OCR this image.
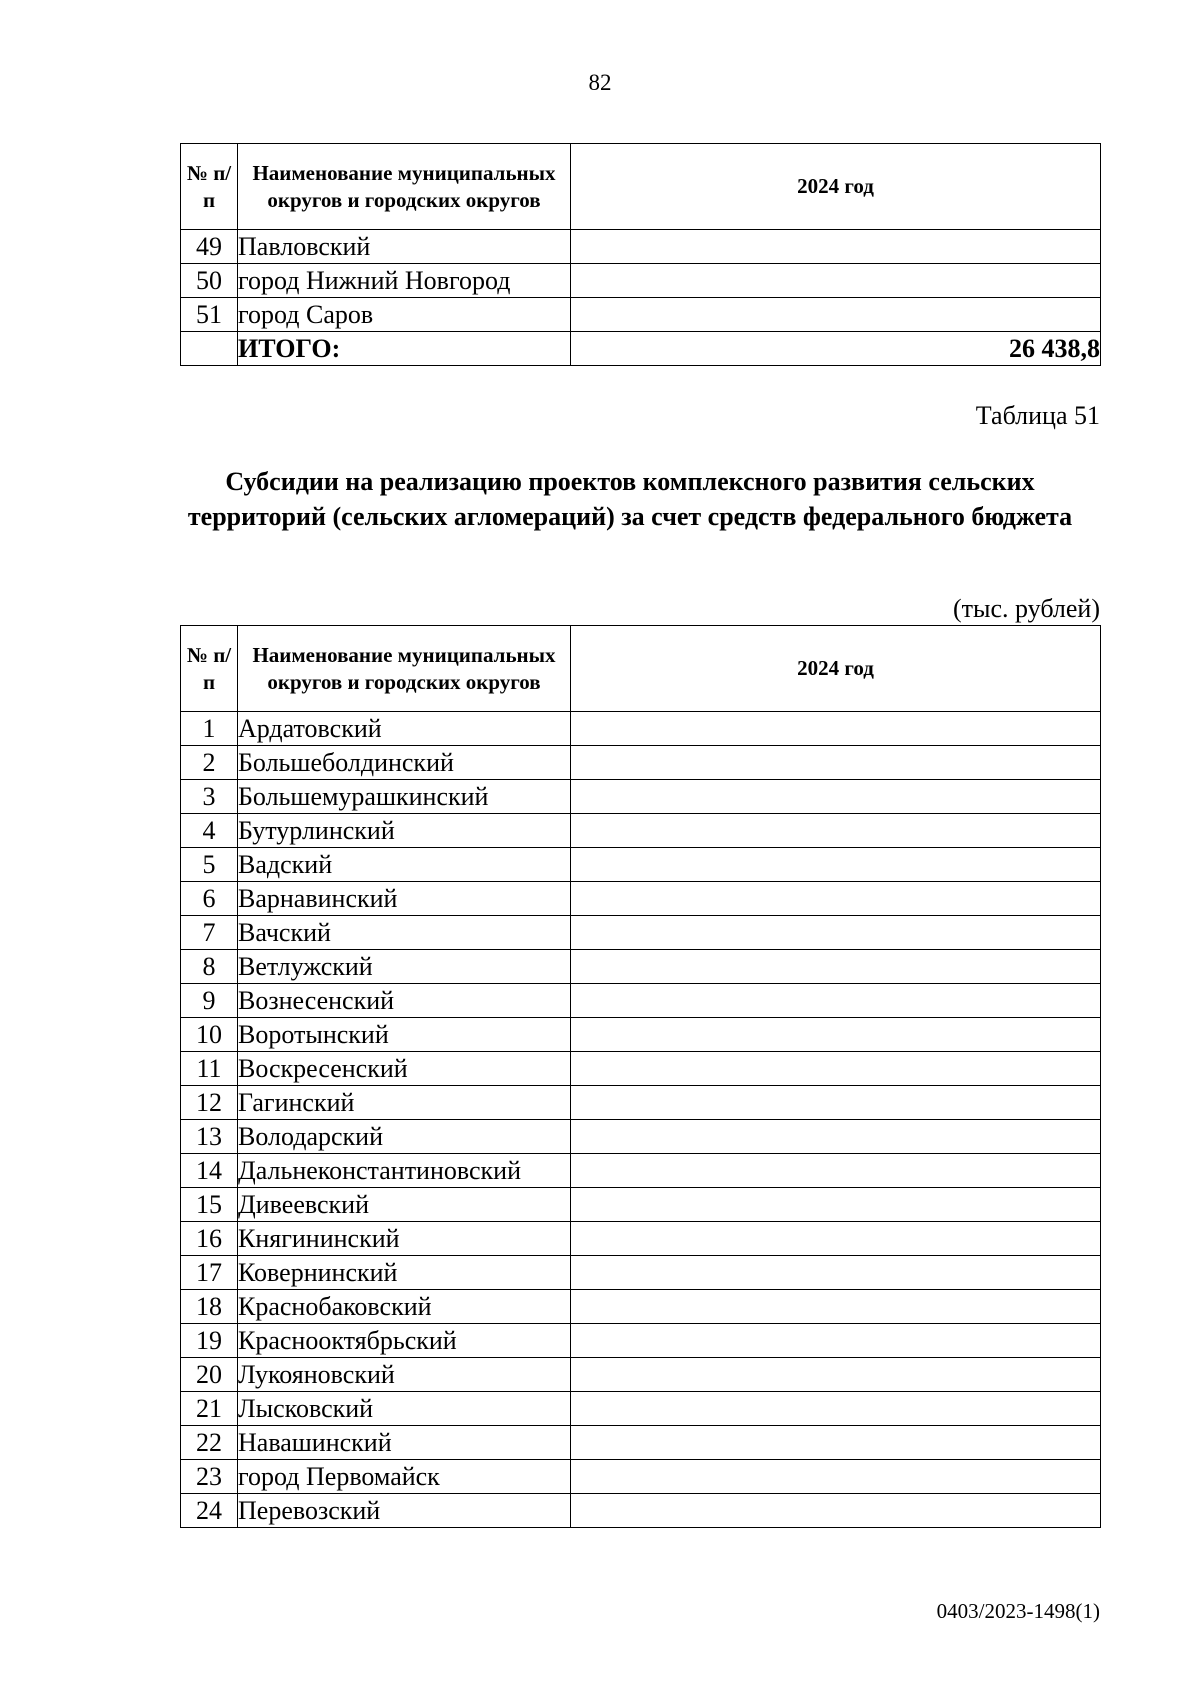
82
№ п/п	Наименование муниципальных округов и городских округов	2024 год
49	Павловский	
50	город Нижний Новгород	
51	город Саров	
	ИТОГО:	26 438,8
Таблица 51
Субсидии на реализацию проектов комплексного развития сельских территорий (сельских агломераций) за счет средств федерального бюджета
(тыс. рублей)
№ п/п	Наименование муниципальных округов и городских округов	2024 год
1	Ардатовский	
2	Большеболдинский	
3	Большемурашкинский	
4	Бутурлинский	
5	Вадский	
6	Варнавинский	
7	Вачский	
8	Ветлужский	
9	Вознесенский	
10	Воротынский	
11	Воскресенский	
12	Гагинский	
13	Володарский	
14	Дальнеконстантиновский	
15	Дивеевский	
16	Княгининский	
17	Ковернинский	
18	Краснобаковский	
19	Краснооктябрьский	
20	Лукояновский	
21	Лысковский	
22	Навашинский	
23	город Первомайск	
24	Перевозский	
0403/2023-1498(1)
